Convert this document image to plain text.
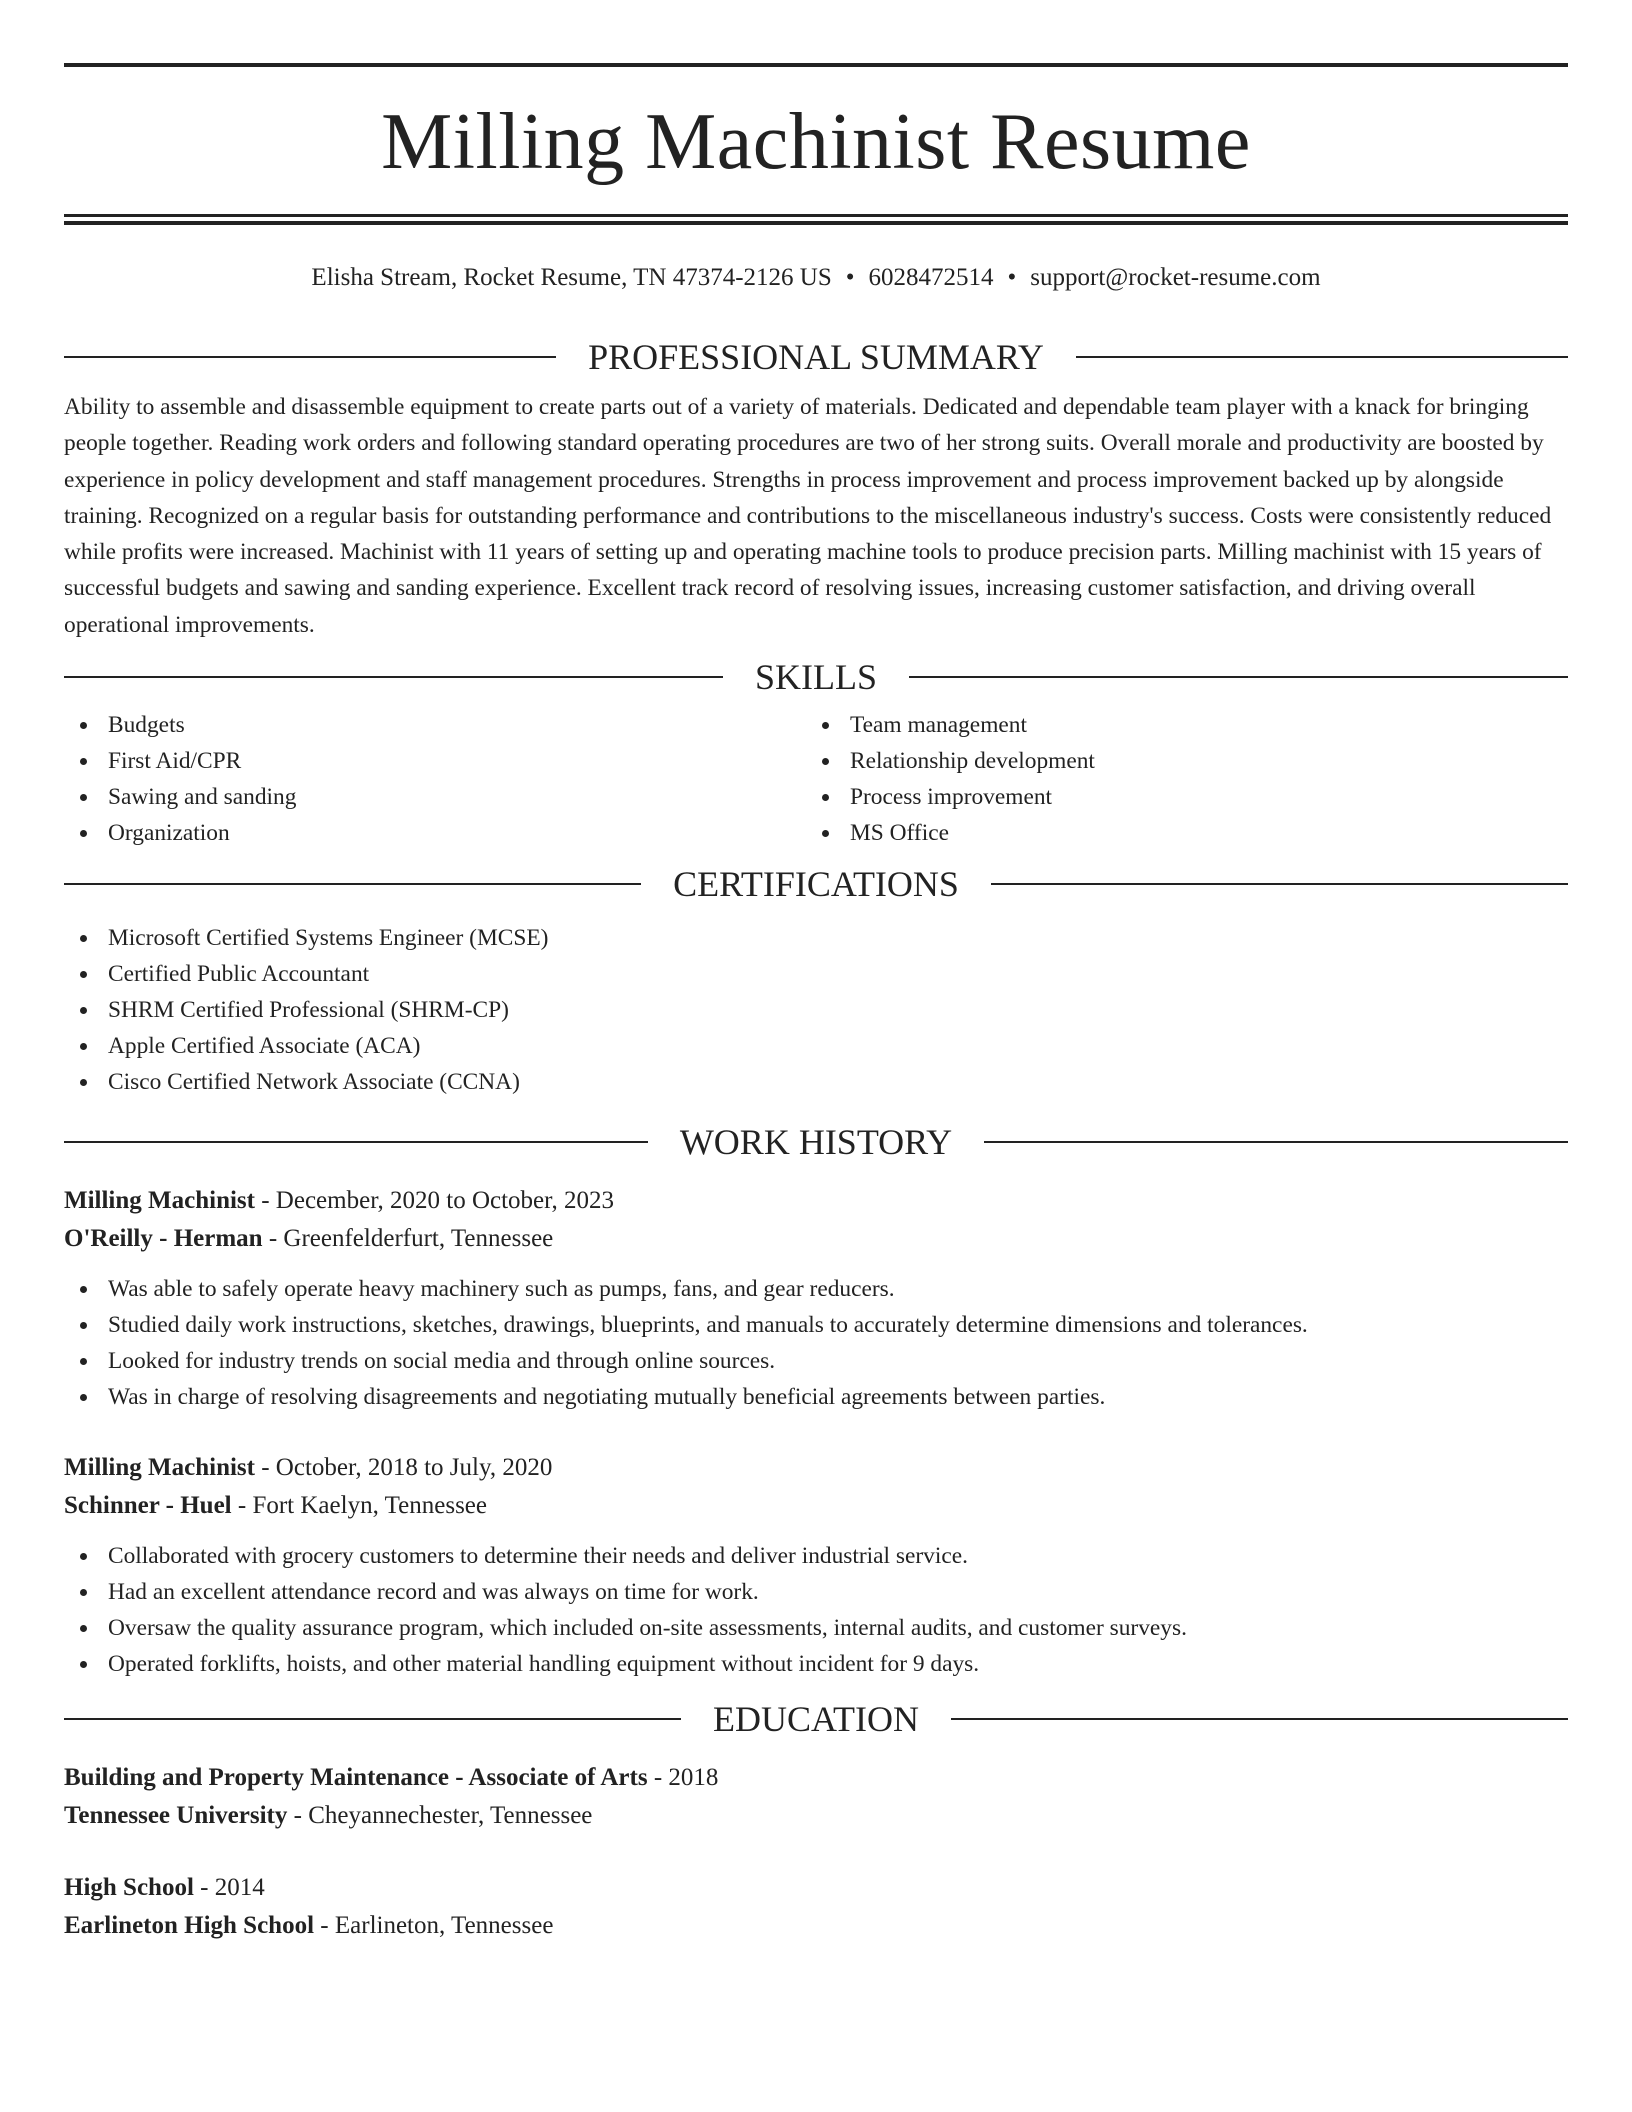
Milling Machinist Resume
Elisha Stream, Rocket Resume, TN 47374-2126 US • 6028472514 • support@rocket-resume.com
PROFESSIONAL SUMMARY

Ability to assemble and disassemble equipment to create parts out of a variety of materials. Dedicated and dependable team player with a knack for bringing people together. Reading work orders and following standard operating procedures are two of her strong suits. Overall morale and productivity are boosted by experience in policy development and staff management procedures. Strengths in process improvement and process improvement backed up by alongside training. Recognized on a regular basis for outstanding performance and contributions to the miscellaneous industry's success. Costs were consistently reduced while profits were increased. Machinist with 11 years of setting up and operating machine tools to produce precision parts. Milling machinist with 15 years of successful budgets and sawing and sanding experience. Excellent track record of resolving issues, increasing customer satisfaction, and driving overall operational improvements.

SKILLS
Budgets
First Aid/CPR
Sawing and sanding
Organization
Team management
Relationship development
Process improvement
MS Office
CERTIFICATIONS
Microsoft Certified Systems Engineer (MCSE)
Certified Public Accountant
SHRM Certified Professional (SHRM-CP)
Apple Certified Associate (ACA)
Cisco Certified Network Associate (CCNA)
WORK HISTORY
Milling Machinist - December, 2020 to October, 2023
O'Reilly - Herman - Greenfelderfurt, Tennessee
Was able to safely operate heavy machinery such as pumps, fans, and gear reducers.
Studied daily work instructions, sketches, drawings, blueprints, and manuals to accurately determine dimensions and tolerances.
Looked for industry trends on social media and through online sources.
Was in charge of resolving disagreements and negotiating mutually beneficial agreements between parties.
Milling Machinist - October, 2018 to July, 2020
Schinner - Huel - Fort Kaelyn, Tennessee
Collaborated with grocery customers to determine their needs and deliver industrial service.
Had an excellent attendance record and was always on time for work.
Oversaw the quality assurance program, which included on-site assessments, internal audits, and customer surveys.
Operated forklifts, hoists, and other material handling equipment without incident for 9 days.
EDUCATION
Building and Property Maintenance - Associate of Arts - 2018
Tennessee University - Cheyannechester, Tennessee
High School - 2014
Earlineton High School - Earlineton, Tennessee
